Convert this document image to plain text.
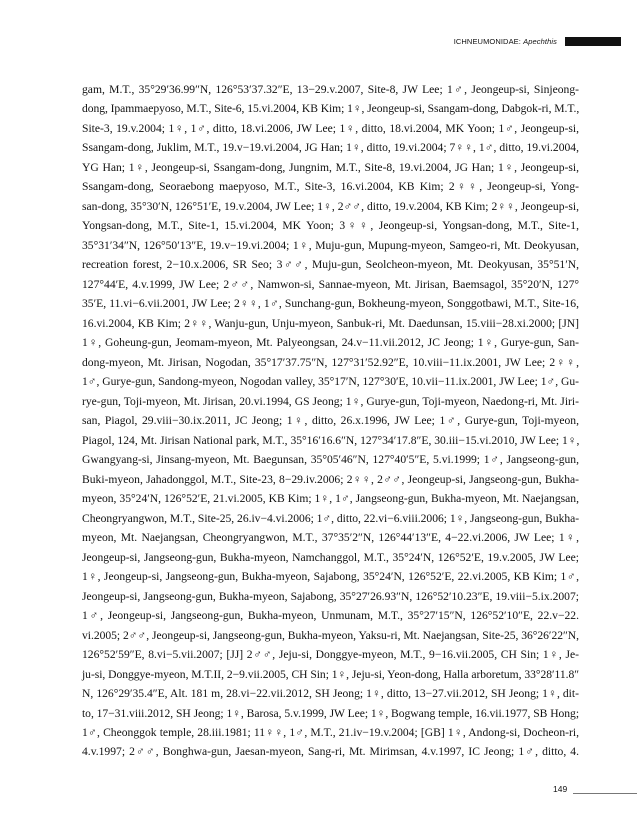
ICHNEUMONIDAE: Apechthis
gam, M.T., 35°29′36.99″N, 126°53′37.32″E, 13−29.v.2007, Site-8, JW Lee; 1♂, Jeongeup-si, Sinjeong-
dong, Ipammaepyoso, M.T., Site-6, 15.vi.2004, KB Kim; 1♀, Jeongeup-si, Ssangam-dong, Dabgok-ri, M.T.,
Site-3, 19.v.2004; 1♀, 1♂, ditto, 18.vi.2006, JW Lee; 1♀, ditto, 18.vi.2004, MK Yoon; 1♂, Jeongeup-si,
Ssangam-dong, Juklim, M.T., 19.v−19.vi.2004, JG Han; 1♀, ditto, 19.vi.2004; 7♀♀, 1♂, ditto, 19.vi.2004,
YG Han; 1♀, Jeongeup-si, Ssangam-dong, Jungnim, M.T., Site-8, 19.vi.2004, JG Han; 1♀, Jeongeup-si,
Ssangam-dong, Seoraebong maepyoso, M.T., Site-3, 16.vi.2004, KB Kim; 2♀♀, Jeongeup-si, Yong-
san-dong, 35°30′N, 126°51′E, 19.v.2004, JW Lee; 1♀, 2♂♂, ditto, 19.v.2004, KB Kim; 2♀♀, Jeongeup-si,
Yongsan-dong, M.T., Site-1, 15.vi.2004, MK Yoon; 3♀♀, Jeongeup-si, Yongsan-dong, M.T., Site-1,
35°31′34″N, 126°50′13″E, 19.v−19.vi.2004; 1♀, Muju-gun, Mupung-myeon, Samgeo-ri, Mt. Deokyusan,
recreation forest, 2−10.x.2006, SR Seo; 3♂♂, Muju-gun, Seolcheon-myeon, Mt. Deokyusan, 35°51′N,
127°44′E, 4.v.1999, JW Lee; 2♂♂, Namwon-si, Sannae-myeon, Mt. Jirisan, Baemsagol, 35°20′N, 127°
35′E, 11.vi−6.vii.2001, JW Lee; 2♀♀, 1♂, Sunchang-gun, Bokheung-myeon, Songgotbawi, M.T., Site-16,
16.vi.2004, KB Kim; 2♀♀, Wanju-gun, Unju-myeon, Sanbuk-ri, Mt. Daedunsan, 15.viii−28.xi.2000; [JN]
1♀, Goheung-gun, Jeomam-myeon, Mt. Palyeongsan, 24.v−11.vii.2012, JC Jeong; 1♀, Gurye-gun, San-
dong-myeon, Mt. Jirisan, Nogodan, 35°17′37.75″N, 127°31′52.92″E, 10.viii−11.ix.2001, JW Lee; 2♀♀,
1♂, Gurye-gun, Sandong-myeon, Nogodan valley, 35°17′N, 127°30′E, 10.vii−11.ix.2001, JW Lee; 1♂, Gu-
rye-gun, Toji-myeon, Mt. Jirisan, 20.vi.1994, GS Jeong; 1♀, Gurye-gun, Toji-myeon, Naedong-ri, Mt. Jiri-
san, Piagol, 29.viii−30.ix.2011, JC Jeong; 1♀, ditto, 26.x.1996, JW Lee; 1♂, Gurye-gun, Toji-myeon,
Piagol, 124, Mt. Jirisan National park, M.T., 35°16′16.6″N, 127°34′17.8″E, 30.iii−15.vi.2010, JW Lee; 1♀,
Gwangyang-si, Jinsang-myeon, Mt. Baegunsan, 35°05′46″N, 127°40′5″E, 5.vi.1999; 1♂, Jangseong-gun,
Buki-myeon, Jahadonggol, M.T., Site-23, 8−29.iv.2006; 2♀♀, 2♂♂, Jeongeup-si, Jangseong-gun, Bukha-
myeon, 35°24′N, 126°52′E, 21.vi.2005, KB Kim; 1♀, 1♂, Jangseong-gun, Bukha-myeon, Mt. Naejangsan,
Cheongryangwon, M.T., Site-25, 26.iv−4.vi.2006; 1♂, ditto, 22.vi−6.viii.2006; 1♀, Jangseong-gun, Bukha-
myeon, Mt. Naejangsan, Cheongryangwon, M.T., 37°35′2″N, 126°44′13″E, 4−22.vi.2006, JW Lee; 1♀,
Jeongeup-si, Jangseong-gun, Bukha-myeon, Namchanggol, M.T., 35°24′N, 126°52′E, 19.v.2005, JW Lee;
1♀, Jeongeup-si, Jangseong-gun, Bukha-myeon, Sajabong, 35°24′N, 126°52′E, 22.vi.2005, KB Kim; 1♂,
Jeongeup-si, Jangseong-gun, Bukha-myeon, Sajabong, 35°27′26.93″N, 126°52′10.23″E, 19.viii−5.ix.2007;
1♂, Jeongeup-si, Jangseong-gun, Bukha-myeon, Unmunam, M.T., 35°27′15″N, 126°52′10″E, 22.v−22.
vi.2005; 2♂♂, Jeongeup-si, Jangseong-gun, Bukha-myeon, Yaksu-ri, Mt. Naejangsan, Site-25, 36°26′22″N,
126°52′59″E, 8.vi−5.vii.2007; [JJ] 2♂♂, Jeju-si, Donggye-myeon, M.T., 9−16.vii.2005, CH Sin; 1♀, Je-
ju-si, Donggye-myeon, M.T.II, 2−9.vii.2005, CH Sin; 1♀, Jeju-si, Yeon-dong, Halla arboretum, 33°28′11.8″
N, 126°29′35.4″E, Alt. 181 m, 28.vi−22.vii.2012, SH Jeong; 1♀, ditto, 13−27.vii.2012, SH Jeong; 1♀, dit-
to, 17−31.viii.2012, SH Jeong; 1♀, Barosa, 5.v.1999, JW Lee; 1♀, Bogwang temple, 16.vii.1977, SB Hong;
1♂, Cheonggok temple, 28.iii.1981; 11♀♀, 1♂, M.T., 21.iv−19.v.2004; [GB] 1♀, Andong-si, Docheon-ri,
4.v.1997; 2♂♂, Bonghwa-gun, Jaesan-myeon, Sang-ri, Mt. Mirimsan, 4.v.1997, IC Jeong; 1♂, ditto, 4.
149
